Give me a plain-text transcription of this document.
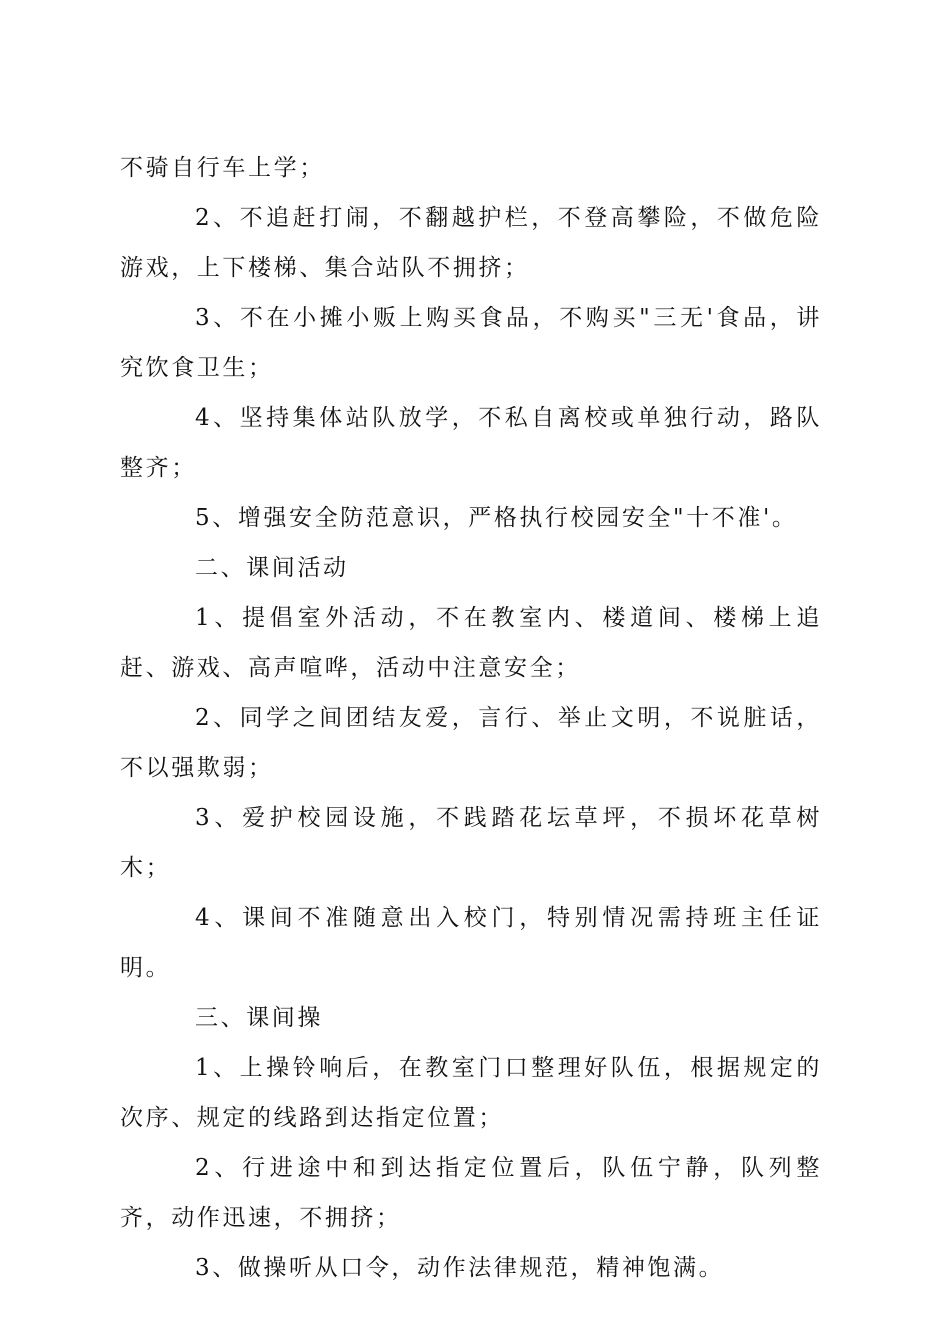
不骑自行车上学；

2、不追赶打闹，不翻越护栏，不登高攀险，不做危险游戏，上下楼梯、集合站队不拥挤；

3、不在小摊小贩上购买食品，不购买"三无'食品，讲究饮食卫生；

4、坚持集体站队放学，不私自离校或单独行动，路队整齐；

5、增强安全防范意识，严格执行校园安全"十不准'。

二、课间活动

1、提倡室外活动，不在教室内、楼道间、楼梯上追赶、游戏、高声喧哗，活动中注意安全；

2、同学之间团结友爱，言行、举止文明，不说脏话，不以强欺弱；

3、爱护校园设施，不践踏花坛草坪，不损坏花草树木；

4、课间不准随意出入校门，特别情况需持班主任证明。

三、课间操

1、上操铃响后，在教室门口整理好队伍，根据规定的次序、规定的线路到达指定位置；

2、行进途中和到达指定位置后，队伍宁静，队列整齐，动作迅速，不拥挤；

3、做操听从口令，动作法律规范，精神饱满。
